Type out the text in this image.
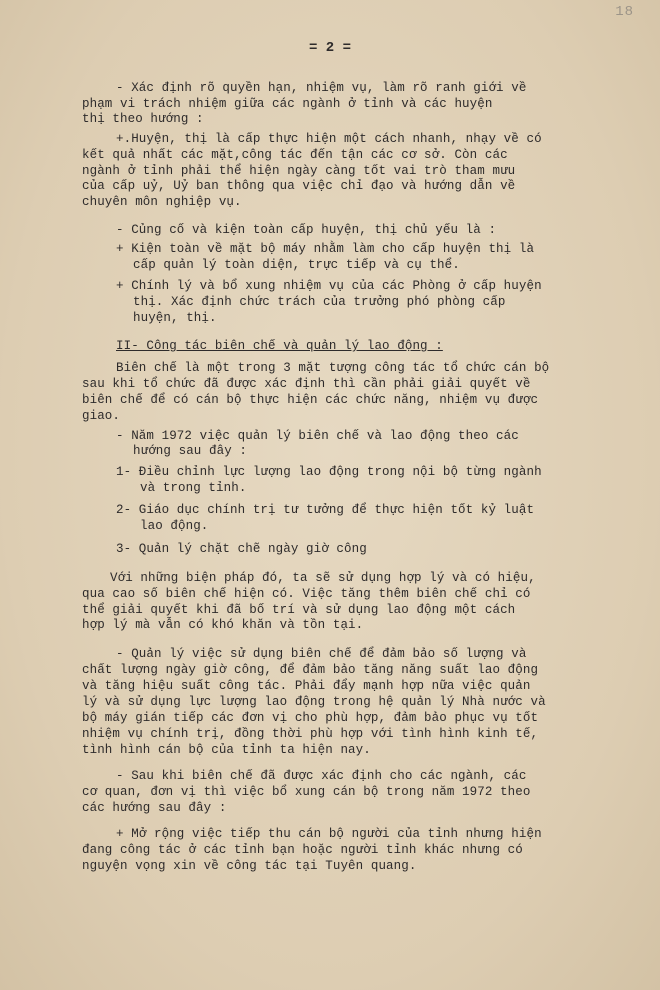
18
= 2 =
- Xác định rõ quyền hạn, nhiệm vụ, làm rõ ranh giới về
phạm vi trách nhiệm giữa các ngành ở tỉnh và các huyện
thị theo hướng :
+.Huyện, thị là cấp thực hiện một cách nhanh, nhạy về có
kết quả nhất các mặt,công tác đến tận các cơ sở. Còn các
ngành ở tỉnh phải thể hiện ngày càng tốt vai trò tham mưu
của cấp uỷ, Uỷ ban thông qua việc chỉ đạo và hướng dẫn về
chuyên môn nghiệp vụ.
- Củng cố và kiện toàn cấp huyện, thị chủ yếu là :
+ Kiện toàn về mặt bộ máy nhằm làm cho cấp huyện thị là
cấp quản lý toàn diện, trực tiếp và cụ thể.
+ Chính lý và bổ xung nhiệm vụ của các Phòng ở cấp huyện
thị. Xác định chức trách của trưởng phó phòng cấp
huyện, thị.
II- Công tác biên chế và quản lý lao động :
Biên chế là một trong 3 mặt tượng công tác tổ chức cán bộ
sau khi tổ chức đã được xác định thì cần phải giải quyết về
biên chế để có cán bộ thực hiện các chức năng, nhiệm vụ được
giao.
- Năm 1972 việc quản lý biên chế và lao động theo các
hướng sau đây :
1- Điều chỉnh lực lượng lao động trong nội bộ từng ngành
và trong tỉnh.
2- Giáo dục chính trị tư tưởng để thực hiện tốt kỷ luật
lao động.
3- Quản lý chặt chẽ ngày giờ công
Với những biện pháp đó, ta sẽ sử dụng hợp lý và có hiệu,
qua cao số biên chế hiện có. Việc tăng thêm biên chế chỉ có
thể giải quyết khi đã bố trí và sử dụng lao động một cách
hợp lý mà vẫn có khó khăn và tồn tại.
- Quản lý việc sử dụng biên chế để đảm bảo số lượng và
chất lượng ngày giờ công, để đảm bảo tăng năng suất lao động
và tăng hiệu suất công tác. Phải đẩy mạnh hợp nữa việc quản
lý và sử dụng lực lượng lao động trong hệ quản lý Nhà nước và
bộ máy gián tiếp các đơn vị cho phù hợp, đảm bảo phục vụ tốt
nhiệm vụ chính trị, đồng thời phù hợp với tình hình kinh tế,
tình hình cán bộ của tỉnh ta hiện nay.
- Sau khi biên chế đã được xác định cho các ngành, các
cơ quan, đơn vị thì việc bổ xung cán bộ trong năm 1972 theo
các hướng sau đây :
+ Mở rộng việc tiếp thu cán bộ người của tỉnh nhưng hiện
đang công tác ở các tỉnh bạn hoặc người tỉnh khác nhưng có
nguyện vọng xin về công tác tại Tuyên quang.
